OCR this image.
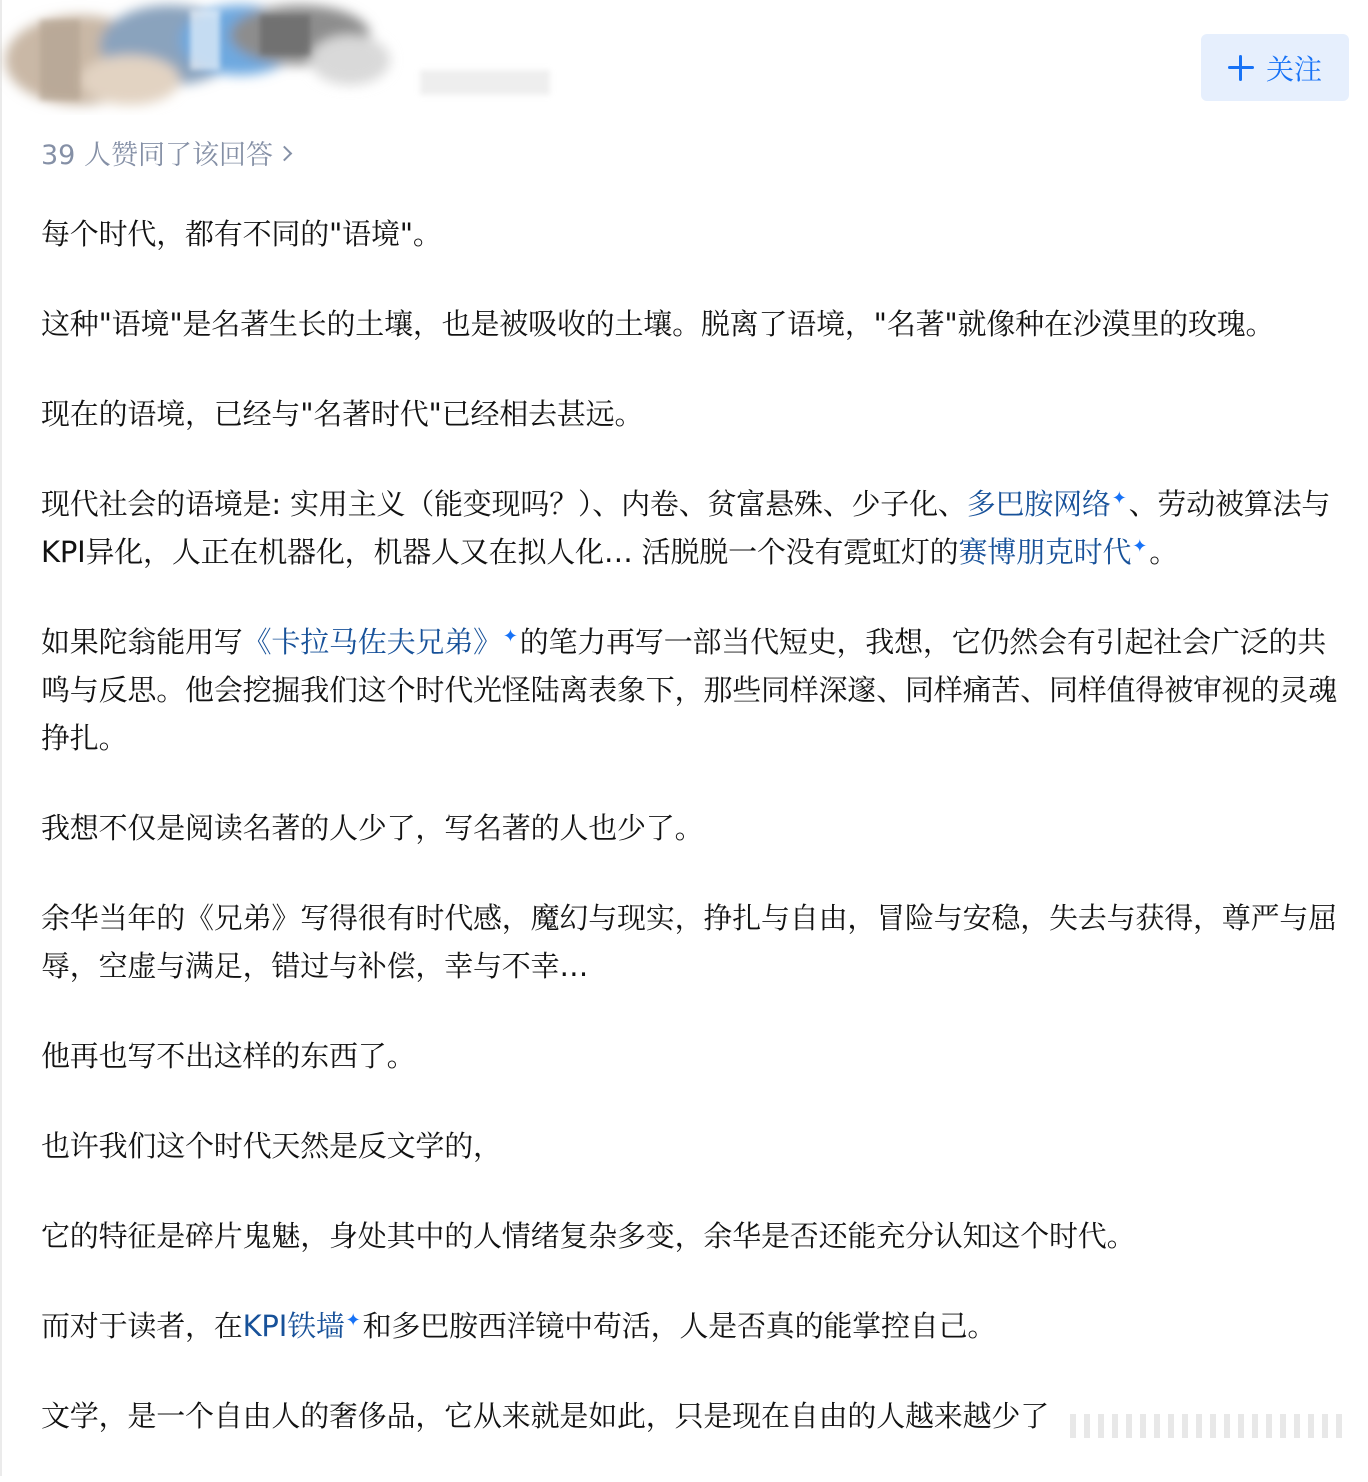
关注
39 人赞同了该回答

每个时代，都有不同的"语境"。

这种"语境"是名著生长的土壤，也是被吸收的土壤。脱离了语境，"名著"就像种在沙漠里的玫瑰。

现在的语境，已经与"名著时代"已经相去甚远。

现代社会的语境是: 实用主义（能变现吗？）、内卷、贫富悬殊、少子化、多巴胺网络✦、劳动被算法与KPI异化，人正在机器化，机器人又在拟人化… 活脱脱一个没有霓虹灯的赛博朋克时代✦。

如果陀翁能用写《卡拉马佐夫兄弟》✦的笔力再写一部当代短史，我想，它仍然会有引起社会广泛的共鸣与反思。他会挖掘我们这个时代光怪陆离表象下，那些同样深邃、同样痛苦、同样值得被审视的灵魂挣扎。

我想不仅是阅读名著的人少了，写名著的人也少了。

余华当年的《兄弟》写得很有时代感，魔幻与现实，挣扎与自由，冒险与安稳，失去与获得，尊严与屈辱，空虚与满足，错过与补偿，幸与不幸…

他再也写不出这样的东西了。

也许我们这个时代天然是反文学的，

它的特征是碎片鬼魅，身处其中的人情绪复杂多变，余华是否还能充分认知这个时代。

而对于读者，在KPI铁墙✦和多巴胺西洋镜中苟活，人是否真的能掌控自己。

文学，是一个自由人的奢侈品，它从来就是如此，只是现在自由的人越来越少了
